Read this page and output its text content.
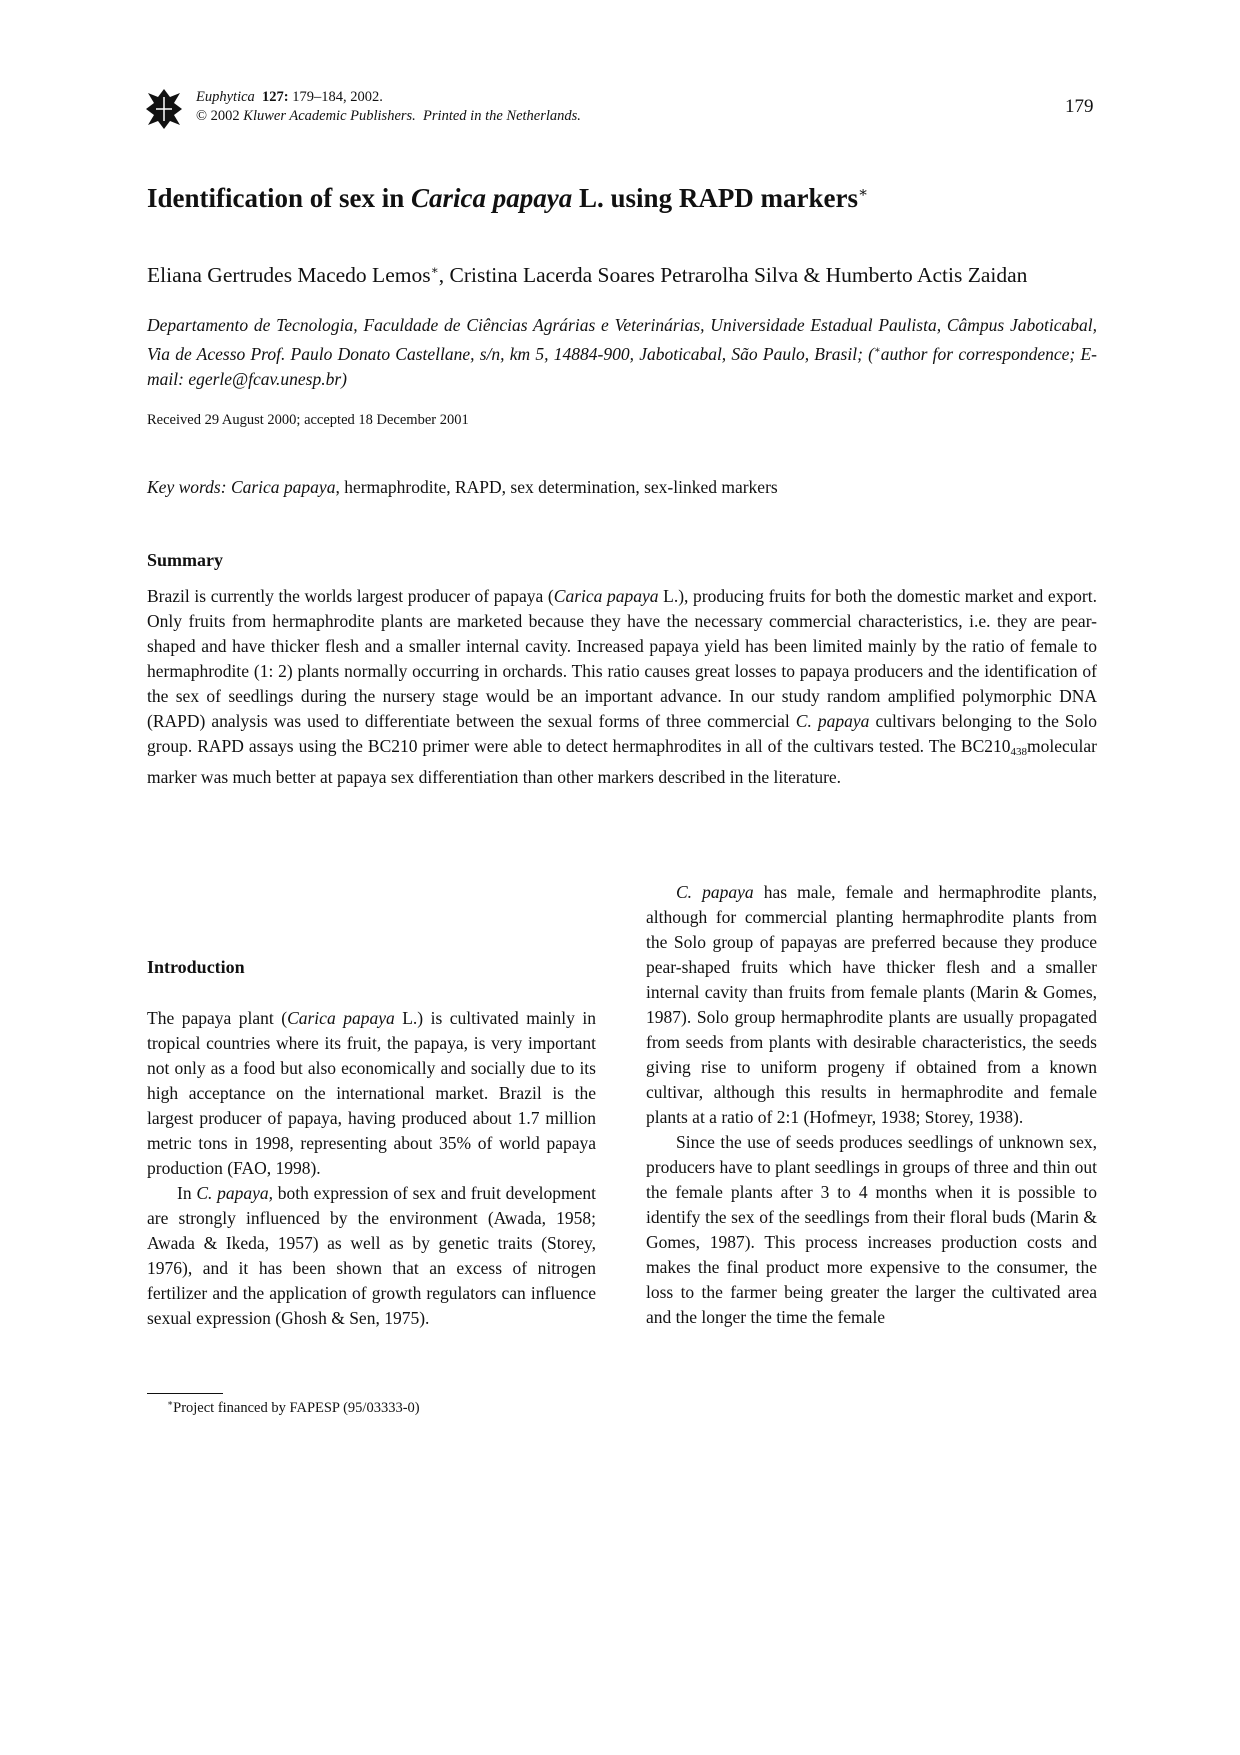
Euphytica 127: 179–184, 2002.
© 2002 Kluwer Academic Publishers. Printed in the Netherlands.	179
Identification of sex in Carica papaya L. using RAPD markers∗
Eliana Gertrudes Macedo Lemos∗, Cristina Lacerda Soares Petrarolha Silva & Humberto Actis Zaidan
Departamento de Tecnologia, Faculdade de Ciências Agrárias e Veterinárias, Universidade Estadual Paulista, Câmpus Jaboticabal, Via de Acesso Prof. Paulo Donato Castellane, s/n, km 5, 14884-900, Jaboticabal, São Paulo, Brasil; (∗author for correspondence; E-mail: egerle@fcav.unesp.br)
Received 29 August 2000; accepted 18 December 2001
Key words: Carica papaya, hermaphrodite, RAPD, sex determination, sex-linked markers
Summary
Brazil is currently the worlds largest producer of papaya (Carica papaya L.), producing fruits for both the domestic market and export. Only fruits from hermaphrodite plants are marketed because they have the necessary commercial characteristics, i.e. they are pear-shaped and have thicker flesh and a smaller internal cavity. Increased papaya yield has been limited mainly by the ratio of female to hermaphrodite (1: 2) plants normally occurring in orchards. This ratio causes great losses to papaya producers and the identification of the sex of seedlings during the nursery stage would be an important advance. In our study random amplified polymorphic DNA (RAPD) analysis was used to differentiate between the sexual forms of three commercial C. papaya cultivars belonging to the Solo group. RAPD assays using the BC210 primer were able to detect hermaphrodites in all of the cultivars tested. The $BC210_{438}molecular$ marker was much better at papaya sex differentiation than other markers described in the literature.
Introduction

The papaya plant (Carica papaya L.) is cultivated mainly in tropical countries where its fruit, the papaya, is very important not only as a food but also economically and socially due to its high acceptance on the international market. Brazil is the largest producer of papaya, having produced about 1.7 million metric tons in 1998, representing about 35% of world papaya production (FAO, 1998).

In C. papaya, both expression of sex and fruit development are strongly influenced by the environment (Awada, 1958; Awada & Ikeda, 1957) as well as by genetic traits (Storey, 1976), and it has been shown that an excess of nitrogen fertilizer and the application of growth regulators can influence sexual expression (Ghosh & Sen, 1975).

C. papaya has male, female and hermaphrodite plants, although for commercial planting hermaphrodite plants from the Solo group of papayas are preferred because they produce pear-shaped fruits which have thicker flesh and a smaller internal cavity than fruits from female plants (Marin & Gomes, 1987). Solo group hermaphrodite plants are usually propagated from seeds from plants with desirable characteristics, the seeds giving rise to uniform progeny if obtained from a known cultivar, although this results in hermaphrodite and female plants at a ratio of 2:1 (Hofmeyr, 1938; Storey, 1938).

Since the use of seeds produces seedlings of unknown sex, producers have to plant seedlings in groups of three and thin out the female plants after 3 to 4 months when it is possible to identify the sex of the seedlings from their floral buds (Marin & Gomes, 1987). This process increases production costs and makes the final product more expensive to the consumer, the loss to the farmer being greater the larger the cultivated area and the longer the time the female

∗Project financed by FAPESP (95/03333-0)
